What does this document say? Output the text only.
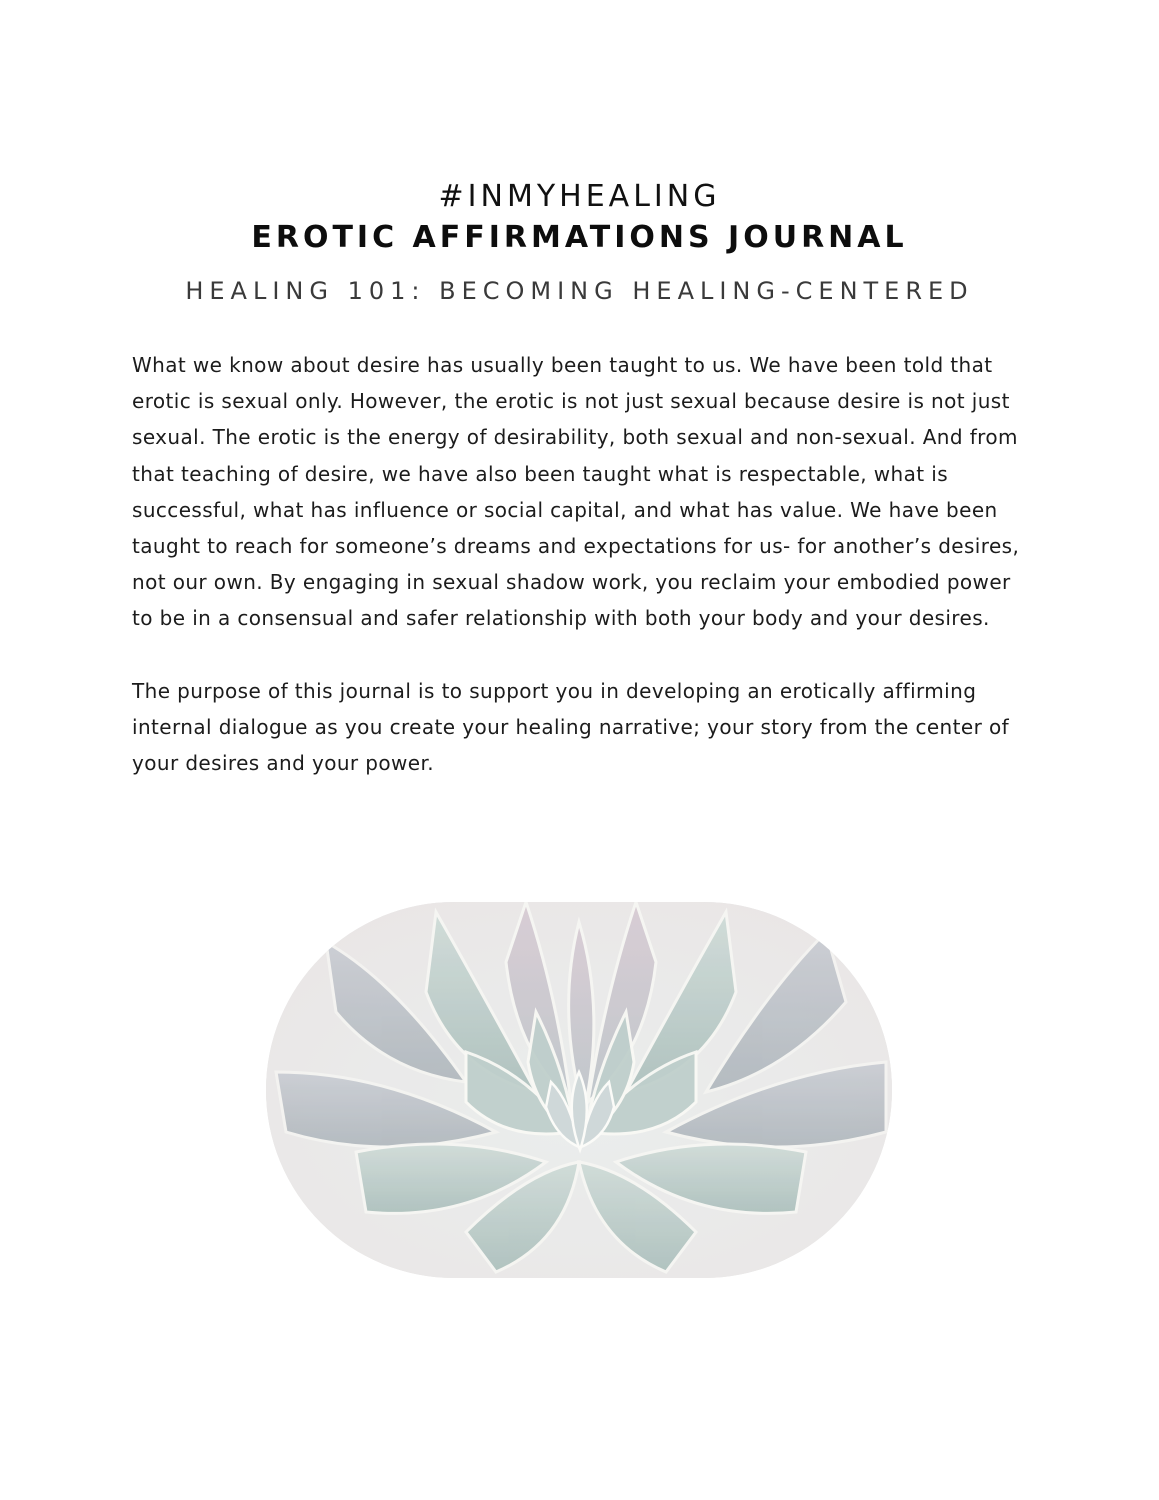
#INMYHEALING
EROTIC AFFIRMATIONS JOURNAL
HEALING 101: BECOMING HEALING-CENTERED

What we know about desire has usually been taught to us. We have been told that erotic is sexual only. However, the erotic is not just sexual because desire is not just sexual. The erotic is the energy of desirability, both sexual and non-sexual. And from that teaching of desire, we have also been taught what is respectable, what is successful, what has influence or social capital, and what has value. We have been taught to reach for someone’s dreams and expectations for us- for another’s desires, not our own. By engaging in sexual shadow work, you reclaim your embodied power to be in a consensual and safer relationship with both your body and your desires.

The purpose of this journal is to support you in developing an erotically affirming internal dialogue as you create your healing narrative; your story from the center of your desires and your power.
